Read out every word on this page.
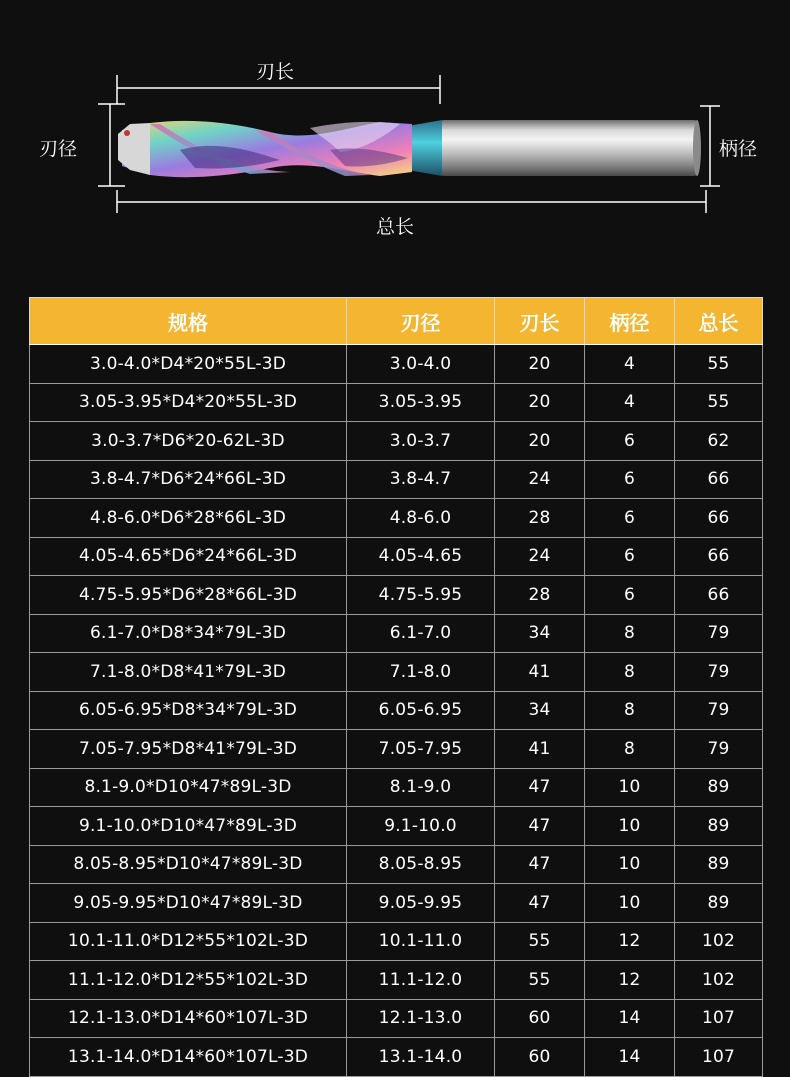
刃长
刃径	柄径
总长
规格	刃径	刃长	柄径	总长
3.0-4.0*D4*20*55L-3D	3.0-4.0	20	4	55
3.05-3.95*D4*20*55L-3D	3.05-3.95	20	4	55
3.0-3.7*D6*20-62L-3D	3.0-3.7	20	6	62
3.8-4.7*D6*24*66L-3D	3.8-4.7	24	6	66
4.8-6.0*D6*28*66L-3D	4.8-6.0	28	6	66
4.05-4.65*D6*24*66L-3D	4.05-4.65	24	6	66
4.75-5.95*D6*28*66L-3D	4.75-5.95	28	6	66
6.1-7.0*D8*34*79L-3D	6.1-7.0	34	8	79
7.1-8.0*D8*41*79L-3D	7.1-8.0	41	8	79
6.05-6.95*D8*34*79L-3D	6.05-6.95	34	8	79
7.05-7.95*D8*41*79L-3D	7.05-7.95	41	8	79
8.1-9.0*D10*47*89L-3D	8.1-9.0	47	10	89
9.1-10.0*D10*47*89L-3D	9.1-10.0	47	10	89
8.05-8.95*D10*47*89L-3D	8.05-8.95	47	10	89
9.05-9.95*D10*47*89L-3D	9.05-9.95	47	10	89
10.1-11.0*D12*55*102L-3D	10.1-11.0	55	12	102
11.1-12.0*D12*55*102L-3D	11.1-12.0	55	12	102
12.1-13.0*D14*60*107L-3D	12.1-13.0	60	14	107
13.1-14.0*D14*60*107L-3D	13.1-14.0	60	14	107
